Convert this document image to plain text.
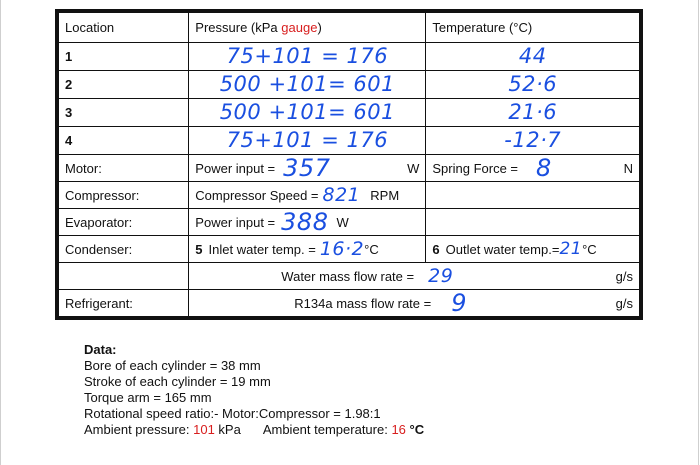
Location	Pressure (kPa gauge)	Temperature (°C)
1	75+101 = 176	44
2	500 +101= 601	52·6
3	500 +101= 601	21·6
4	75+101 = 176	-12·7
Motor:	Power input = 357 W	Spring Force = 8 N

Compressor:	Compressor Speed = 821 RPM	

Evaporator:	Power input = 388 W	

Condenser:	5 Inlet water temp. = 16·2 °C	6 Outlet water temp.= 21 °C

	Water mass flow rate = 29 g/s	

Refrigerant:	R134a mass flow rate = 9 g/s	
Data:
Bore of each cylinder = 38 mm
Stroke of each cylinder = 19 mm
Torque arm = 165 mm
Rotational speed ratio:- Motor:Compressor = 1.98:1
Ambient pressure: 101 kPa Ambient temperature: 16 °C
